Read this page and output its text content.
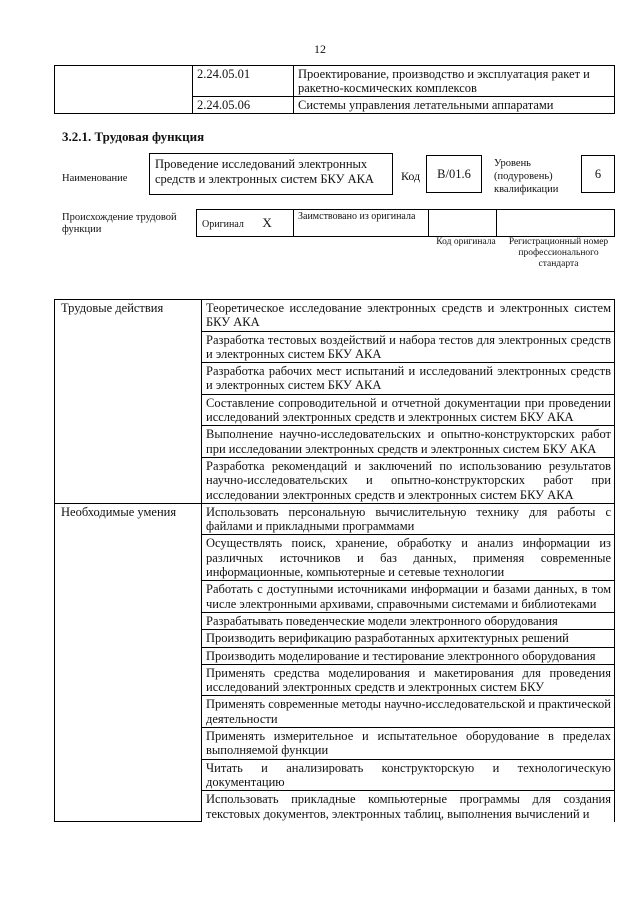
12
	2.24.05.01	Проектирование, производство и эксплуатация ракет и ракетно-космических комплексов
	2.24.05.06	Системы управления летательными аппаратами
3.2.1. Трудовая функция
Наименование
Проведение исследований электронных средств и электронных систем БКУ АКА	Код	B/01.6
Уровень (подуровень) квалификации
6
Происхождение трудовой функции	Оригинал X	Заимствовано из оригинала		
Код оригинала	Регистрационный номер профессионального стандарта
Трудовые действия	Теоретическое исследование электронных средств и электронных систем БКУ АКА
	Разработка тестовых воздействий и набора тестов для электронных средств и электронных систем БКУ АКА
	Разработка рабочих мест испытаний и исследований электронных средств и электронных систем БКУ АКА
	Составление сопроводительной и отчетной документации при проведении исследований электронных средств и электронных систем БКУ АКА
	Выполнение научно-исследовательских и опытно-конструкторских работ при исследовании электронных средств и электронных систем БКУ АКА
	Разработка рекомендаций и заключений по использованию результатов научно-исследовательских и опытно-конструкторских работ при исследовании электронных средств и электронных систем БКУ АКА
Необходимые умения	Использовать персональную вычислительную технику для работы с файлами и прикладными программами
	Осуществлять поиск, хранение, обработку и анализ информации из различных источников и баз данных, применяя современные информационные, компьютерные и сетевые технологии
	Работать с доступными источниками информации и базами данных, в том числе электронными архивами, справочными системами и библиотеками
	Разрабатывать поведенческие модели электронного оборудования
	Производить верификацию разработанных архитектурных решений
	Производить моделирование и тестирование электронного оборудования
	Применять средства моделирования и макетирования для проведения исследований электронных средств и электронных систем БКУ
	Применять современные методы научно-исследовательской и практической деятельности
	Применять измерительное и испытательное оборудование в пределах выполняемой функции
	Читать и анализировать конструкторскую и технологическую документацию
	Использовать прикладные компьютерные программы для создания текстовых документов, электронных таблиц, выполнения вычислений и
